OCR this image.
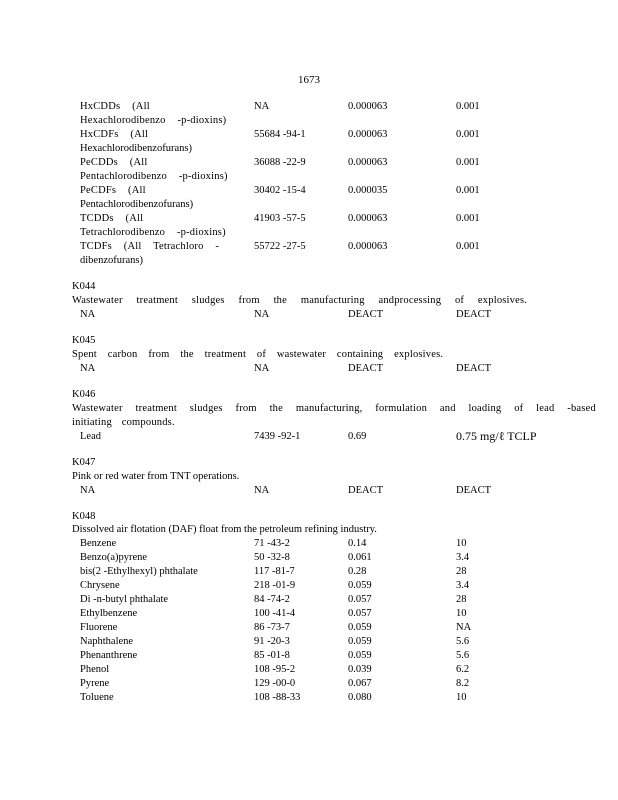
1673
HxCDDs (All	NA	0.000063	0.001
Hexachlorodibenzo -p-dioxins)
HxCDFs (All	55684 -94-1	0.000063	0.001
Hexachlorodibenzofurans)
PeCDDs (All	36088 -22-9	0.000063	0.001
Pentachlorodibenzo -p-dioxins)
PeCDFs (All	30402 -15-4	0.000035	0.001
Pentachlorodibenzofurans)
TCDDs (All	41903 -57-5	0.000063	0.001
Tetrachlorodibenzo -p-dioxins)
TCDFs (All Tetrachloro -	55722 -27-5	0.000063	0.001
dibenzofurans)
K044
Wastewater treatment sludges from the manufacturing andprocessing of explosives.
NA	NA	DEACT	DEACT
K045
Spent carbon from the treatment of wastewater containing explosives.
NA	NA	DEACT	DEACT
K046
Wastewater treatment sludges from the manufacturing, formulation and loading of lead -based
initiating compounds.
Lead	7439 -92-1	0.69	0.75 mg/ℓ TCLP
K047
Pink or red water from TNT operations.
NA	NA	DEACT	DEACT
K048
Dissolved air flotation (DAF) float from the petroleum refining industry.
Benzene	71 -43-2	0.14	10
Benzo(a)pyrene	50 -32-8	0.061	3.4
bis(2 -Ethylhexyl) phthalate	117 -81-7	0.28	28
Chrysene	218 -01-9	0.059	3.4
Di -n-butyl phthalate	84 -74-2	0.057	28
Ethylbenzene	100 -41-4	0.057	10
Fluorene	86 -73-7	0.059	NA
Naphthalene	91 -20-3	0.059	5.6
Phenanthrene	85 -01-8	0.059	5.6
Phenol	108 -95-2	0.039	6.2
Pyrene	129 -00-0	0.067	8.2
Toluene	108 -88-33	0.080	10
